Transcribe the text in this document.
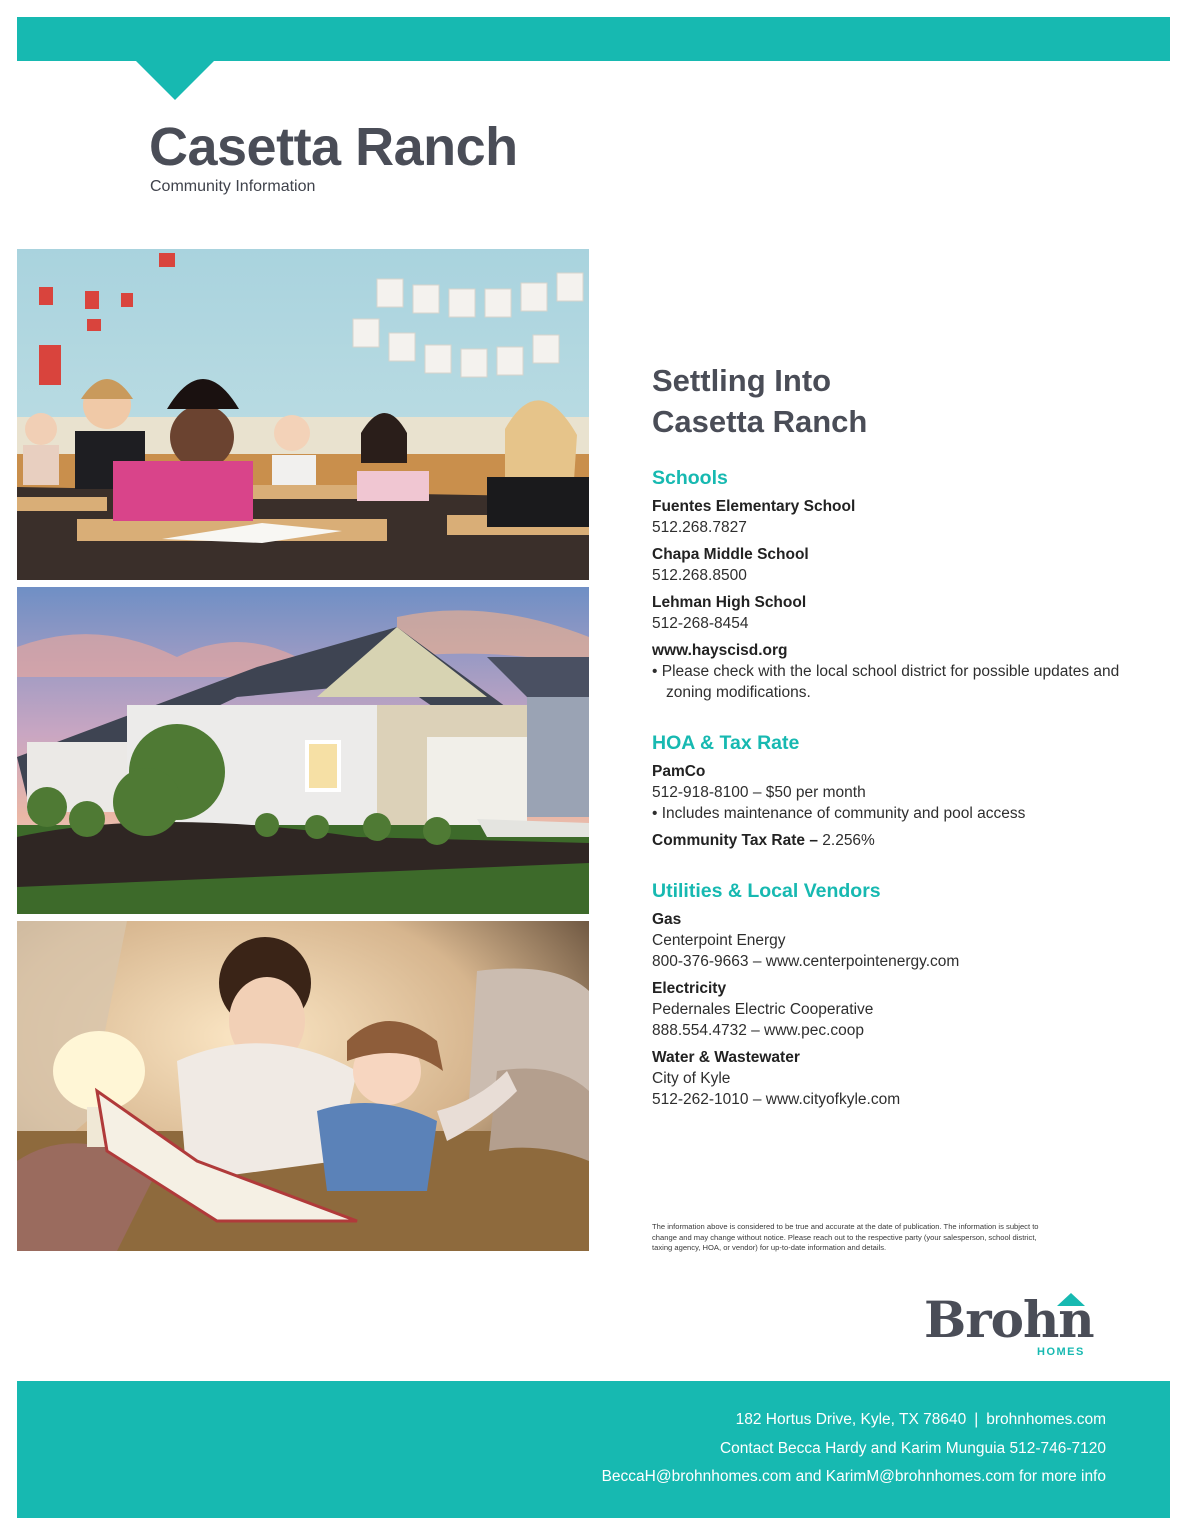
Casetta Ranch
Community Information
Settling Into
Casetta Ranch
Schools
Fuentes Elementary School
512.268.7827
Chapa Middle School
512.268.8500
Lehman High School
512-268-8454
www.hayscisd.org
• Please check with the local school district for possible updates and zoning modifications.
HOA & Tax Rate
PamCo
512-918-8100 – $50 per month
• Includes maintenance of community and pool access
Community Tax Rate – 2.256%
Utilities & Local Vendors
Gas
Centerpoint Energy
800-376-9663 – www.centerpointenergy.com
Electricity
Pedernales Electric Cooperative
888.554.4732 – www.pec.coop
Water & Wastewater
City of Kyle
512-262-1010 – www.cityofkyle.com
The information above is considered to be true and accurate at the date of publication. The information is subject to change and may change without notice. Please reach out to the respective party (your salesperson, school district, taxing agency, HOA, or vendor) for up-to-date information and details.
Brohn
HOMES
182 Hortus Drive, Kyle, TX 78640 | brohnhomes.com
Contact Becca Hardy and Karim Munguia 512-746-7120
BeccaH@brohnhomes.com and KarimM@brohnhomes.com for more info
